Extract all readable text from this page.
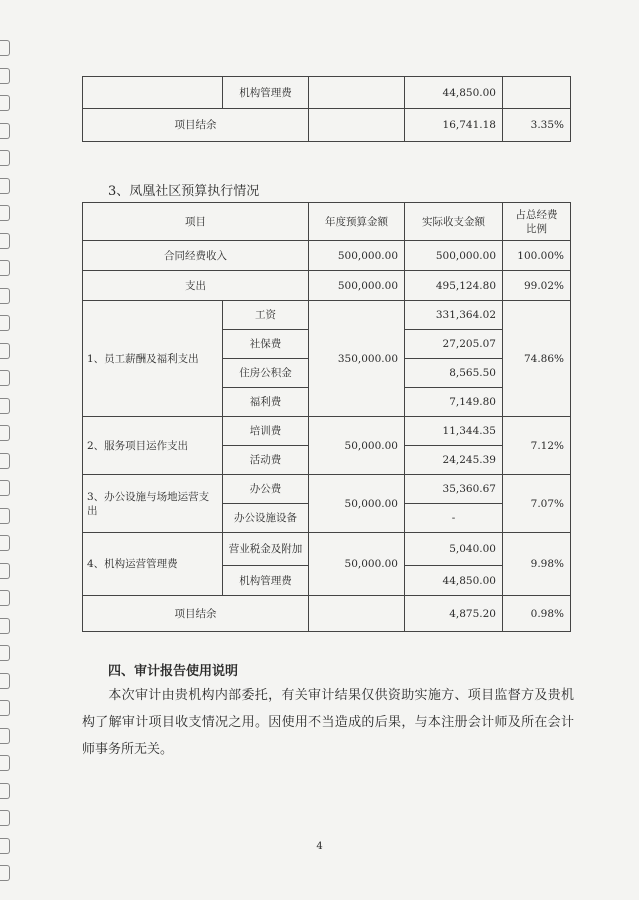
	机构管理费		44,850.00	
项目结余			16,741.18	3.35%
3、凤凰社区预算执行情况
项目		年度预算金额	实际收支金额	占总经费
比例

合同经费收入		500,000.00	500,000.00	100.00%
支出		500,000.00	495,124.80	99.02%
1、员工薪酬及福利支出	工资	350,000.00	331,364.02	74.86%
	社保费		27,205.07	
	住房公积金		8,565.50	
	福利费		7,149.80	
2、服务项目运作支出	培训费	50,000.00	11,344.35	7.12%
	活动费		24,245.39	
3、办公设施与场地运营支出	办公费	50,000.00	35,360.67	7.07%
	办公设施设备		-	
4、机构运营管理费	营业税金及附加	50,000.00	5,040.00	9.98%
	机构管理费		44,850.00	
项目结余			4,875.20	0.98%
四、审计报告使用说明
本次审计由贵机构内部委托，有关审计结果仅供资助实施方、项目监督方及贵机构了解审计项目收支情况之用。因使用不当造成的后果，与本注册会计师及所在会计师事务所无关。
4
